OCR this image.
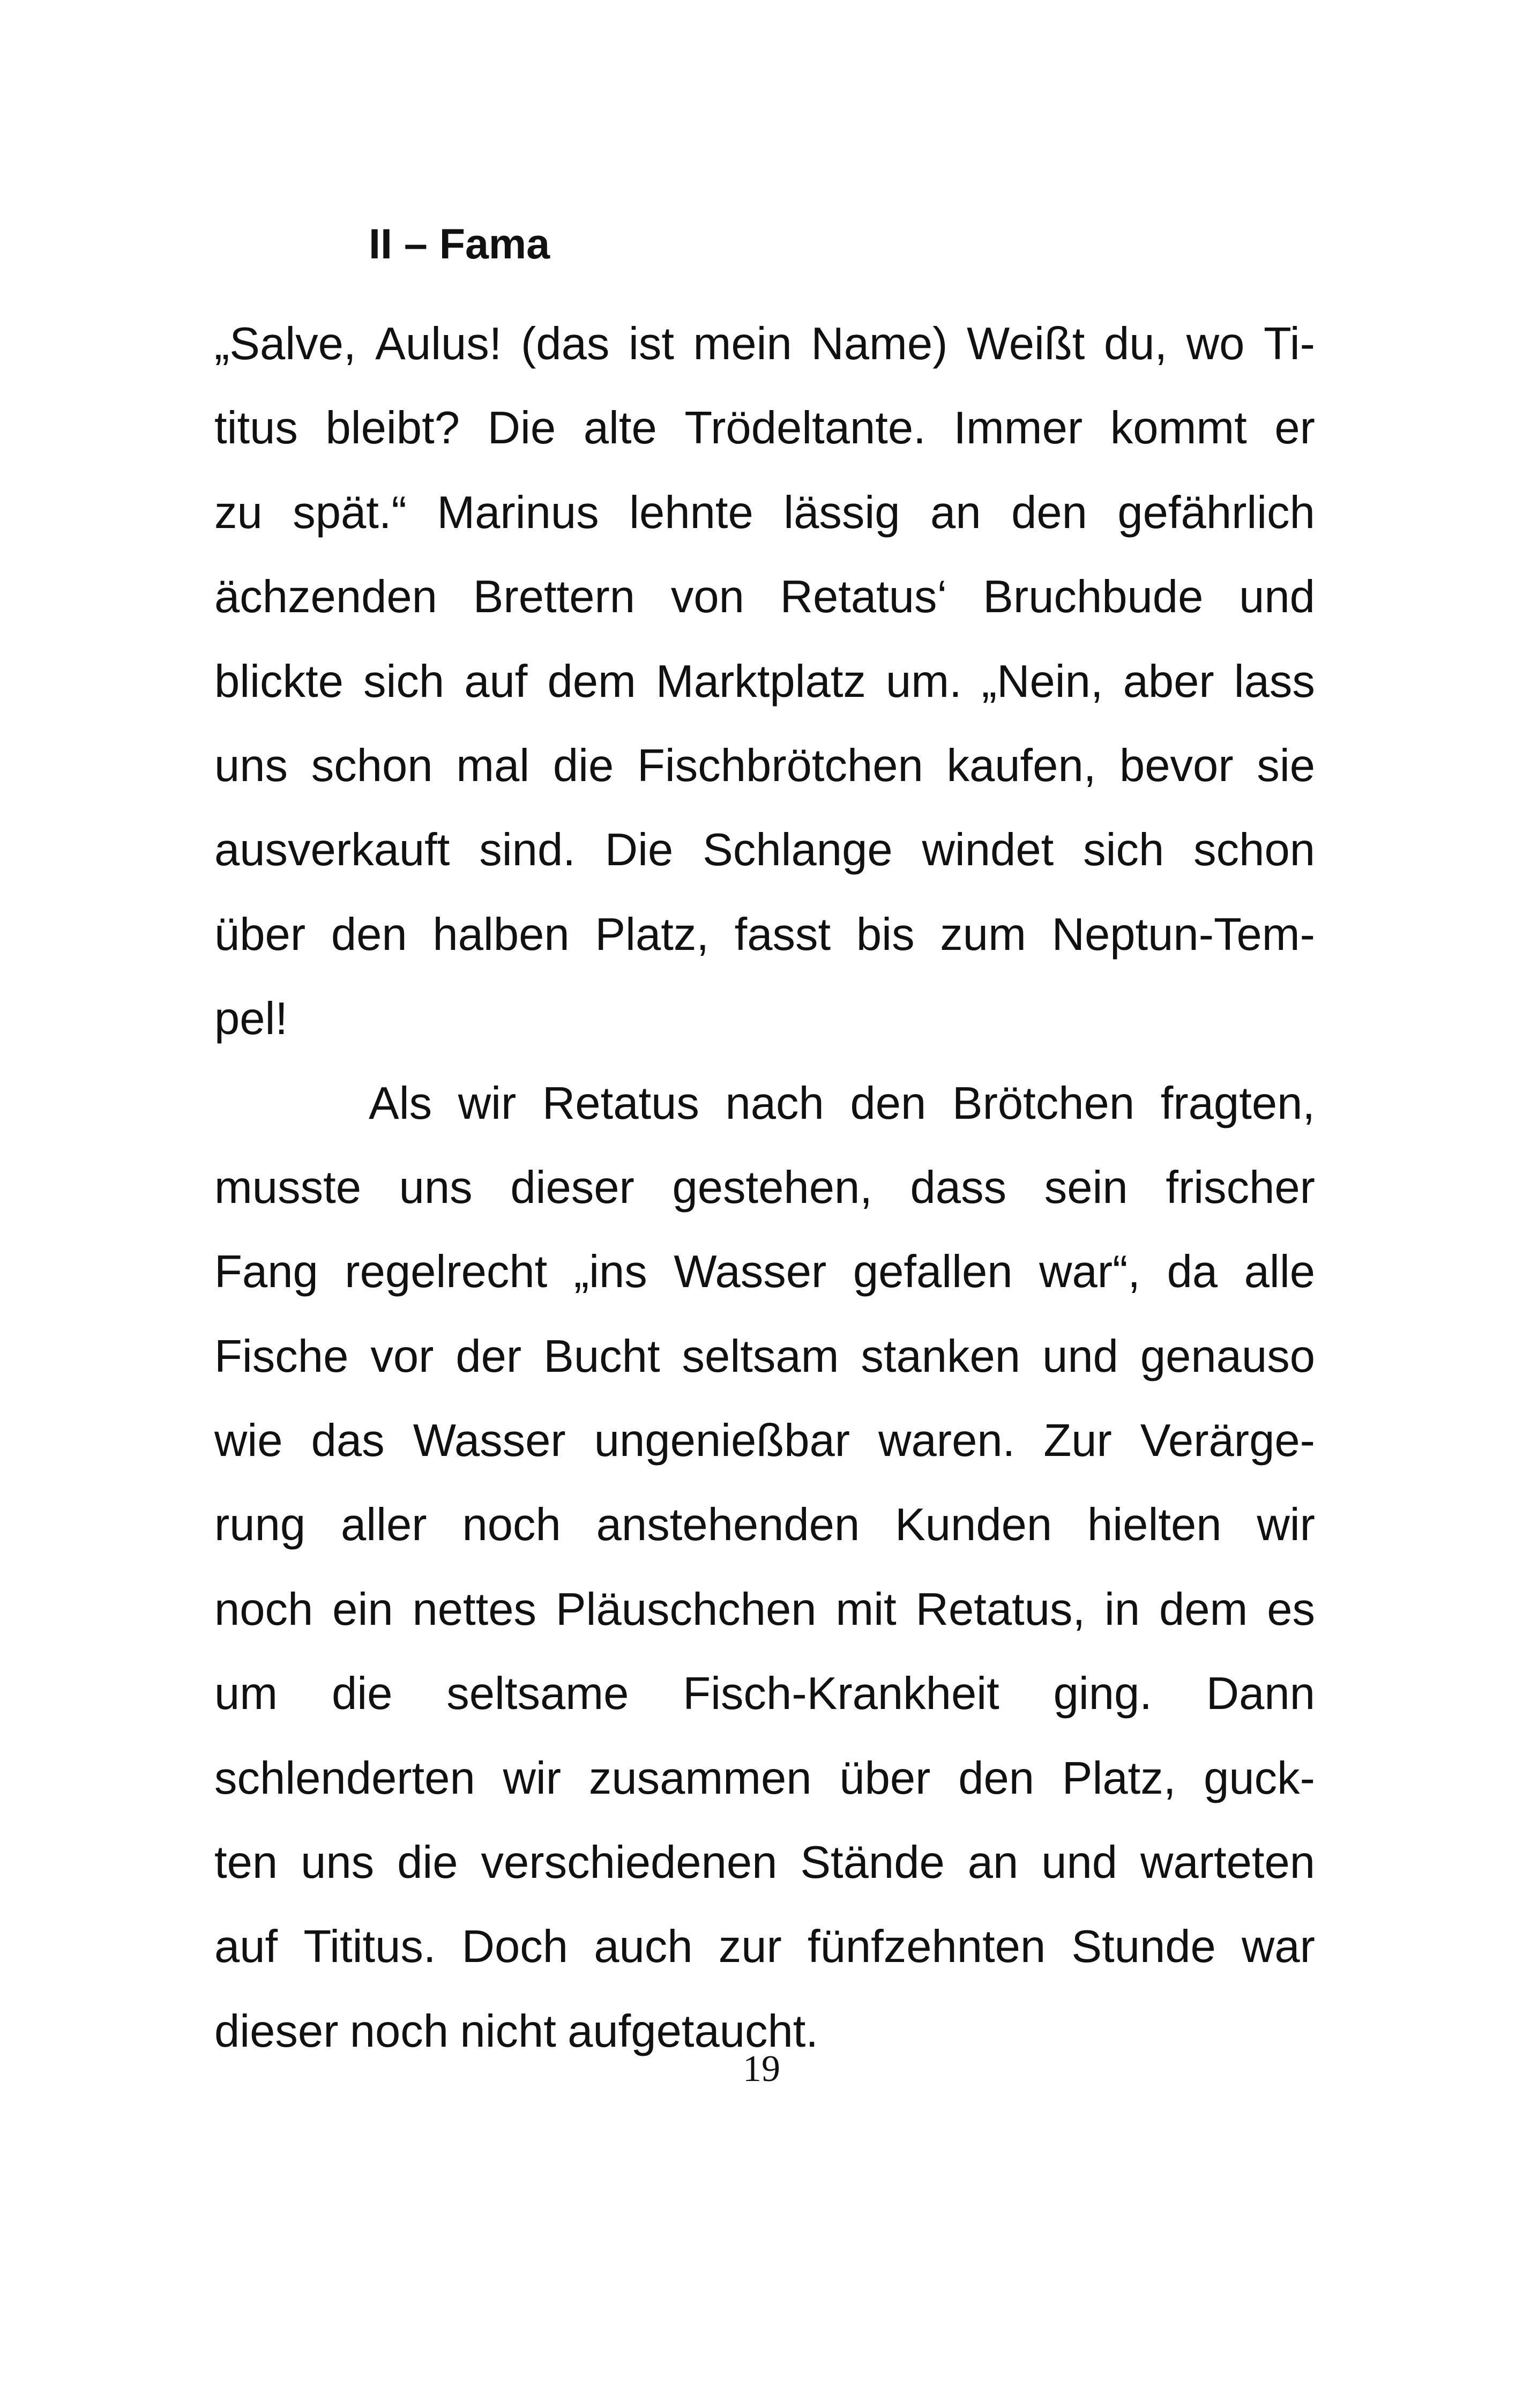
II – Fama
„Salve, Aulus! (das ist mein Name) Weißt du, wo Ti-
titus bleibt? Die alte Trödeltante. Immer kommt er
zu spät.“ Marinus lehnte lässig an den gefährlich
ächzenden Brettern von Retatus‘ Bruchbude und
blickte sich auf dem Marktplatz um. „Nein, aber lass
uns schon mal die Fischbrötchen kaufen, bevor sie
ausverkauft sind. Die Schlange windet sich schon
über den halben Platz, fasst bis zum Neptun-Tem-
pel!
Als wir Retatus nach den Brötchen fragten,
musste uns dieser gestehen, dass sein frischer
Fang regelrecht „ins Wasser gefallen war“, da alle
Fische vor der Bucht seltsam stanken und genauso
wie das Wasser ungenießbar waren. Zur Verärge-
rung aller noch anstehenden Kunden hielten wir
noch ein nettes Pläuschchen mit Retatus, in dem es
um die seltsame Fisch-Krankheit ging. Dann
schlenderten wir zusammen über den Platz, guck-
ten uns die verschiedenen Stände an und warteten
auf Tititus. Doch auch zur fünfzehnten Stunde war
dieser noch nicht aufgetaucht.
19
